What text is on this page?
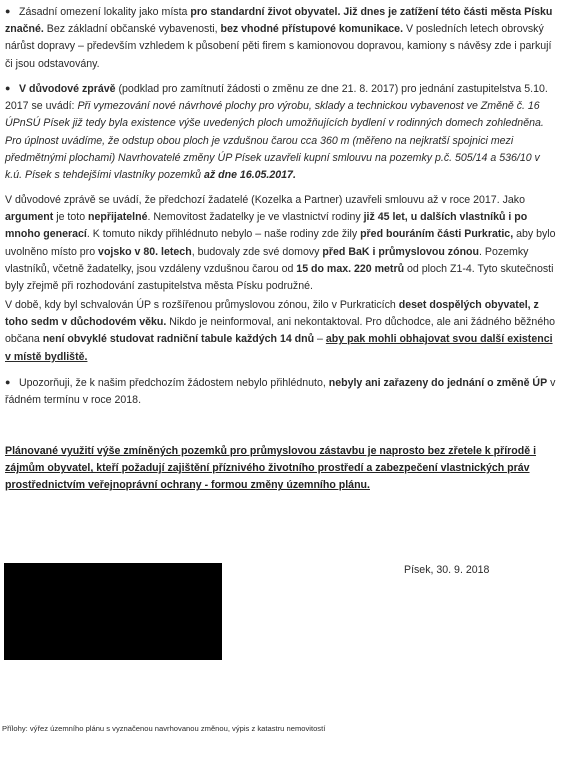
● Zásadní omezení lokality jako místa pro standardní život obyvatel. Již dnes je zatížení této části města Písku značné. Bez základní občanské vybavenosti, bez vhodné přístupové komunikace. V posledních letech obrovský nárůst dopravy – především vzhledem k působení pěti firem s kamionovou dopravou, kamiony s návěsy zde i parkují či jsou odstavovány.

● V důvodové zprávě (podklad pro zamítnutí žádosti o změnu ze dne 21. 8. 2017) pro jednání zastupitelstva 5.10. 2017 se uvádí: Při vymezování nové návrhové plochy pro výrobu, sklady a technickou vybavenost ve Změně č. 16 ÚPnSÚ Písek již tedy byla existence výše uvedených ploch umožňujících bydlení v rodinných domech zohledněna. Pro úplnost uvádíme, že odstup obou ploch je vzdušnou čarou cca 360 m (měřeno na nejkratší spojnici mezi předmětnými plochami) Navrhovatelé změny ÚP Písek uzavřeli kupní smlouvu na pozemky p.č. 505/14 a 536/10 v k.ú. Písek s tehdejšími vlastníky pozemků až dne 16.05.2017.

V důvodové zprávě se uvádí, že předchozí žadatelé (Kozelka a Partner) uzavřeli smlouvu až v roce 2017. Jako argument je toto nepřijatelné. Nemovitost žadatelky je ve vlastnictví rodiny již 45 let, u dalších vlastníků i po mnoho generací. K tomuto nikdy přihlédnuto nebylo – naše rodiny zde žily před bouráním části Purkratic, aby bylo uvolněno místo pro vojsko v 80. letech, budovaly zde své domovy před BaK i průmyslovou zónou. Pozemky vlastníků, včetně žadatelky, jsou vzdáleny vzdušnou čarou od 15 do max. 220 metrů od ploch Z1-4. Tyto skutečnosti byly zřejmě při rozhodování zastupitelstva města Písku podružné.

V době, kdy byl schvalován ÚP s rozšířenou průmyslovou zónou, žilo v Purkraticích deset dospělých obyvatel, z toho sedm v důchodovém věku. Nikdo je neinformoval, ani nekontaktoval. Pro důchodce, ale ani žádného běžného občana není obvyklé studovat radniční tabule každých 14 dnů – aby pak mohli obhajovat svou další existenci v místě bydliště.

● Upozorňuji, že k našim předchozím žádostem nebylo přihlédnuto, nebyly ani zařazeny do jednání o změně ÚP v řádném termínu v roce 2018.

Plánované využití výše zmíněných pozemků pro průmyslovou zástavbu je naprosto bez zřetele k přírodě i zájmům obyvatel, kteří požadují zajištění příznivého životního prostředí a zabezpečení vlastnických práv prostřednictvím veřejnoprávní ochrany - formou změny územního plánu.

Písek, 30. 9. 2018
Přílohy: výřez územního plánu s vyznačenou navrhovanou změnou, výpis z katastru nemovitostí
